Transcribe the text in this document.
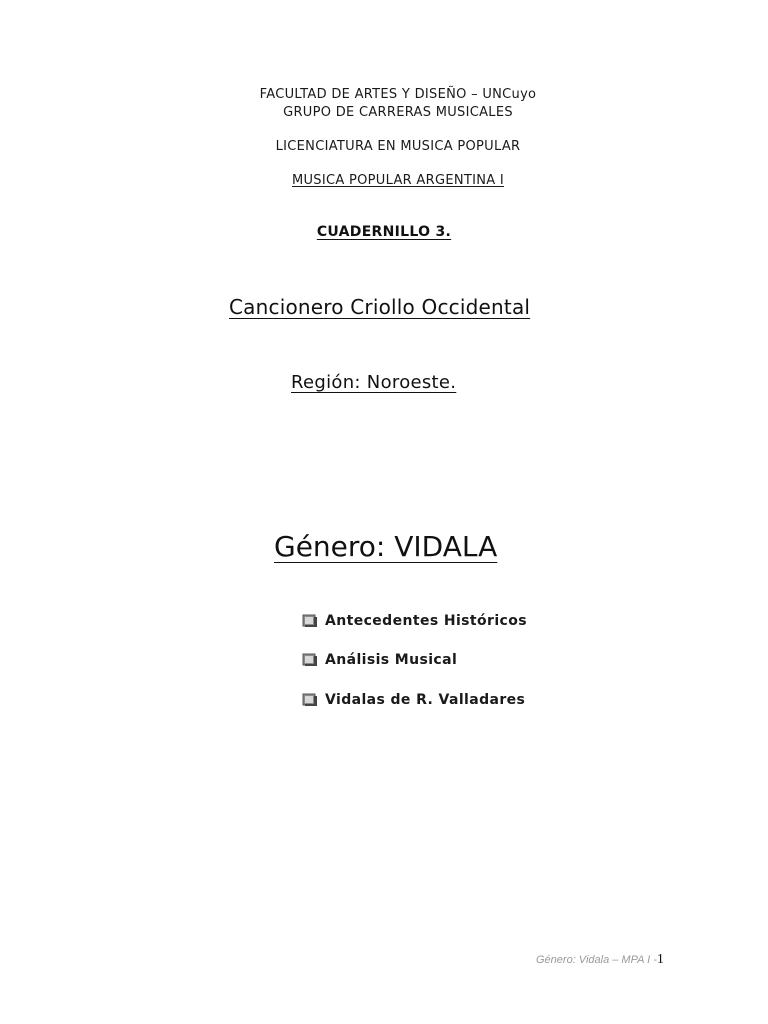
FACULTAD DE ARTES Y DISEÑO – UNCuyo
GRUPO DE CARRERAS MUSICALES
LICENCIATURA EN MUSICA POPULAR
MUSICA POPULAR ARGENTINA I
CUADERNILLO 3.
Cancionero Criollo Occidental
Región: Noroeste.
Género: VIDALA
Antecedentes Históricos
Análisis Musical
Vidalas de R. Valladares
Género: Vidala – MPA I -1
